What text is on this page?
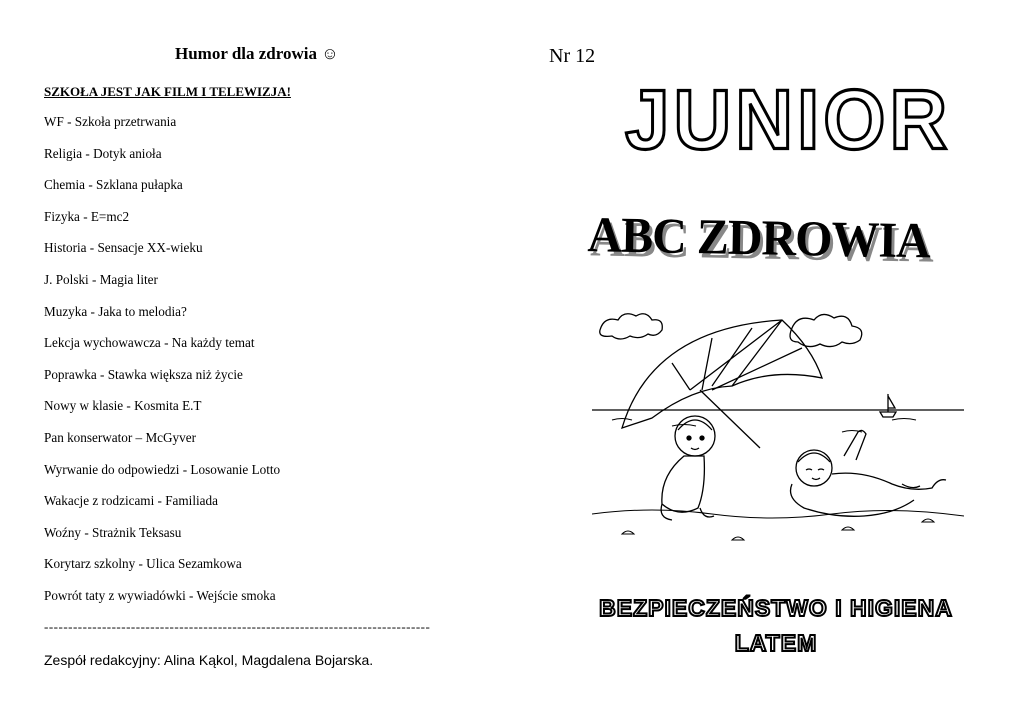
Humor dla zdrowia ☺
SZKOŁA JEST JAK FILM I TELEWIZJA!
WF - Szkoła przetrwania
Religia - Dotyk anioła
Chemia - Szklana pułapka
Fizyka - E=mc2
Historia - Sensacje XX-wieku
J. Polski - Magia liter
Muzyka - Jaka to melodia?
Lekcja wychowawcza - Na każdy temat
Poprawka - Stawka większa niż życie
Nowy w klasie - Kosmita E.T
Pan konserwator – McGyver
Wyrwanie do odpowiedzi - Losowanie Lotto
Wakacje z rodzicami - Familiada
Woźny - Strażnik Teksasu
Korytarz szkolny - Ulica Sezamkowa
Powrót taty z wywiadówki - Wejście smoka
--------------------------------------------------------------------------------
Zespół redakcyjny: Alina Kąkol, Magdalena Bojarska.
Nr 12
JUNIOR
ABC ZDROWIA
BEZPIECZEŃSTWO I HIGIENA
LATEM
